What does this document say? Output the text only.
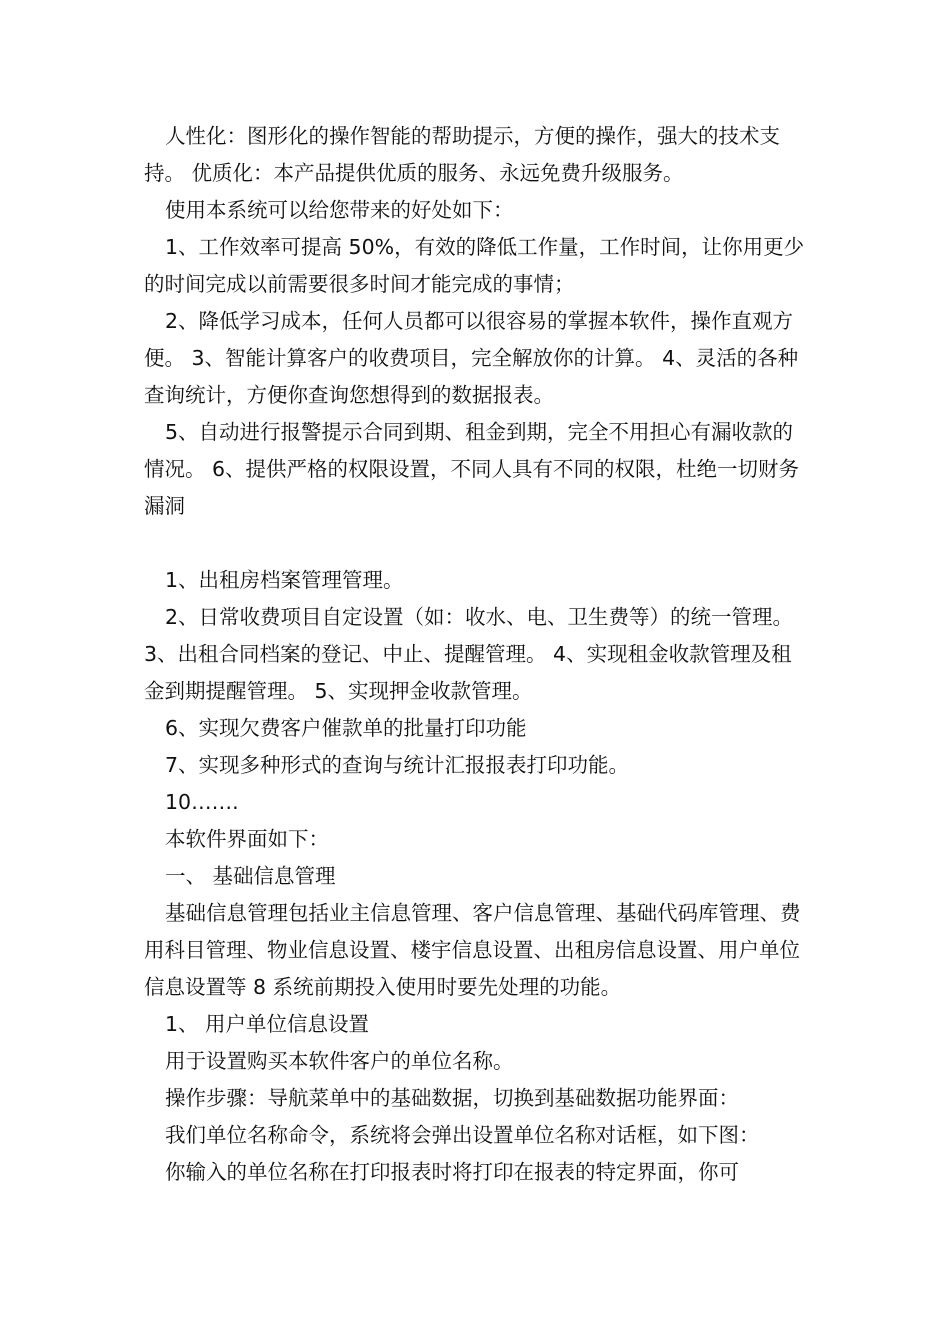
人性化：图形化的操作智能的帮助提示，方便的操作，强大的技术支持。 优质化：本产品提供优质的服务、永远免费升级服务。

使用本系统可以给您带来的好处如下：

1、工作效率可提高 50%，有效的降低工作量，工作时间，让你用更少的时间完成以前需要很多时间才能完成的事情；

2、降低学习成本，任何人员都可以很容易的掌握本软件，操作直观方便。 3、智能计算客户的收费项目，完全解放你的计算。 4、灵活的各种查询统计，方便你查询您想得到的数据报表。

5、自动进行报警提示合同到期、租金到期，完全不用担心有漏收款的情况。 6、提供严格的权限设置，不同人具有不同的权限，杜绝一切财务漏洞

1、出租房档案管理管理。

2、日常收费项目自定设置（如：收水、电、卫生费等）的统一管理。 3、出租合同档案的登记、中止、提醒管理。 4、实现租金收款管理及租金到期提醒管理。 5、实现押金收款管理。

6、实现欠费客户催款单的批量打印功能

7、实现多种形式的查询与统计汇报报表打印功能。

10…….

本软件界面如下：

一、 基础信息管理

基础信息管理包括业主信息管理、客户信息管理、基础代码库管理、费用科目管理、物业信息设置、楼宇信息设置、出租房信息设置、用户单位信息设置等 8 系统前期投入使用时要先处理的功能。

1、 用户单位信息设置

用于设置购买本软件客户的单位名称。

操作步骤：导航菜单中的基础数据，切换到基础数据功能界面：

我们单位名称命令，系统将会弹出设置单位名称对话框，如下图：

你输入的单位名称在打印报表时将打印在报表的特定界面，你可
